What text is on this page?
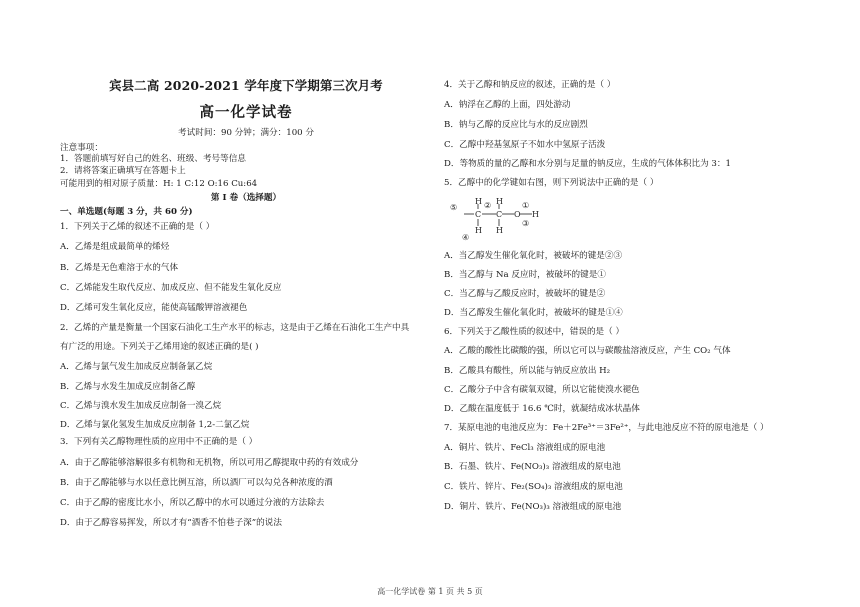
宾县二高 2020-2021 学年度下学期第三次月考
高一化学试卷
考试时间：90 分钟；满分：100 分
注意事项：
1．答题前填写好自己的姓名、班级、考号等信息
2．请将答案正确填写在答题卡上
可能用到的相对原子质量：H: 1 C:12 O:16 Cu:64
第 I 卷（选择题）
一、单选题(每题 3 分，共 60 分)
1．下列关于乙烯的叙述不正确的是（ ）
A．乙烯是组成最简单的烯烃
B．乙烯是无色难溶于水的气体
C．乙烯能发生取代反应、加成反应、但不能发生氧化反应
D．乙烯可发生氧化反应，能使高锰酸钾溶液褪色
2．乙烯的产量是衡量一个国家石油化工生产水平的标志，这是由于乙烯在石油化工生产中具
有广泛的用途。下列关于乙烯用途的叙述正确的是( )
A．乙烯与氯气发生加成反应制备氯乙烷
B．乙烯与水发生加成反应制备乙醇
C．乙烯与溴水发生加成反应制备一溴乙烷
D．乙烯与氯化氢发生加成反应制备 1,2-二氯乙烷
3．下列有关乙醇物理性质的应用中不正确的是（ ）
A．由于乙醇能够溶解很多有机物和无机物，所以可用乙醇提取中药的有效成分
B．由于乙醇能够与水以任意比例互溶，所以酒厂可以勾兑各种浓度的酒
C．由于乙醇的密度比水小，所以乙醇中的水可以通过分液的方法除去
D．由于乙醇容易挥发，所以才有“酒香不怕巷子深”的说法
4．关于乙醇和钠反应的叙述，正确的是（ ）
A．钠浮在乙醇的上面，四处游动
B．钠与乙醇的反应比与水的反应剧烈
C．乙醇中羟基氢原子不如水中氢原子活泼
D．等物质的量的乙醇和水分别与足量的钠反应，生成的气体体积比为 3：1
5．乙醇中的化学键如右图，则下列说法中正确的是（ ）
H H
C C O H
H H
⑤	②	①
③
④
A．当乙醇发生催化氧化时，被破坏的键是②③
B．当乙醇与 Na 反应时，被破坏的键是①
C．当乙醇与乙酸反应时，被破坏的键是②
D．当乙醇发生催化氧化时，被破坏的键是①④
6．下列关于乙酸性质的叙述中，错误的是（ ）
A．乙酸的酸性比碳酸的强，所以它可以与碳酸盐溶液反应，产生 CO₂ 气体
B．乙酸具有酸性，所以能与钠反应放出 H₂
C．乙酸分子中含有碳氧双键，所以它能使溴水褪色
D．乙酸在温度低于 16.6 ℃时，就凝结成冰状晶体
7．某原电池的电池反应为：Fe＋2Fe³⁺＝3Fe²⁺，与此电池反应不符的原电池是（ ）
A．铜片、铁片、FeCl₃ 溶液组成的原电池
B．石墨、铁片、Fe(NO₃)₃ 溶液组成的原电池
C．铁片、锌片、Fe₂(SO₄)₃ 溶液组成的原电池
D．铜片、铁片、Fe(NO₃)₃ 溶液组成的原电池
高一化学试卷 第 1 页 共 5 页
